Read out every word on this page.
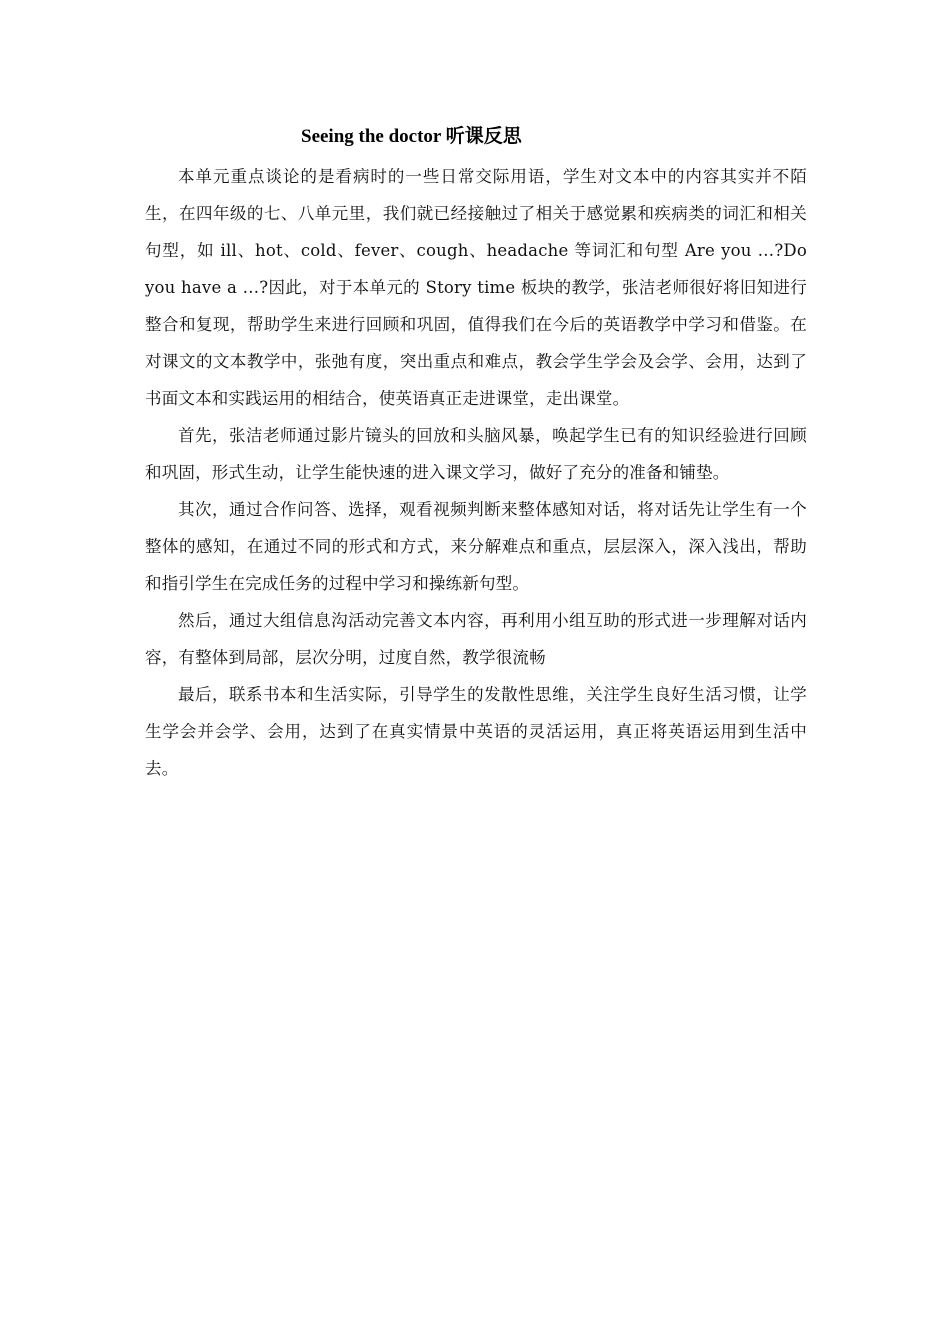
Seeing the doctor 听课反思

本单元重点谈论的是看病时的一些日常交际用语，学生对文本中的内容其实并不陌生，在四年级的七、八单元里，我们就已经接触过了相关于感觉累和疾病类的词汇和相关句型，如 ill、hot、cold、fever、cough、headache 等词汇和句型 Are you …?Do you have a …?因此，对于本单元的 Story time 板块的教学，张洁老师很好将旧知进行整合和复现，帮助学生来进行回顾和巩固，值得我们在今后的英语教学中学习和借鉴。在对课文的文本教学中，张弛有度，突出重点和难点，教会学生学会及会学、会用，达到了书面文本和实践运用的相结合，使英语真正走进课堂，走出课堂。

首先，张洁老师通过影片镜头的回放和头脑风暴，唤起学生已有的知识经验进行回顾和巩固，形式生动，让学生能快速的进入课文学习，做好了充分的准备和铺垫。

其次，通过合作问答、选择，观看视频判断来整体感知对话，将对话先让学生有一个整体的感知，在通过不同的形式和方式，来分解难点和重点，层层深入，深入浅出，帮助和指引学生在完成任务的过程中学习和操练新句型。

然后，通过大组信息沟活动完善文本内容，再利用小组互助的形式进一步理解对话内容，有整体到局部，层次分明，过度自然，教学很流畅

最后，联系书本和生活实际，引导学生的发散性思维，关注学生良好生活习惯，让学生学会并会学、会用，达到了在真实情景中英语的灵活运用，真正将英语运用到生活中去。
